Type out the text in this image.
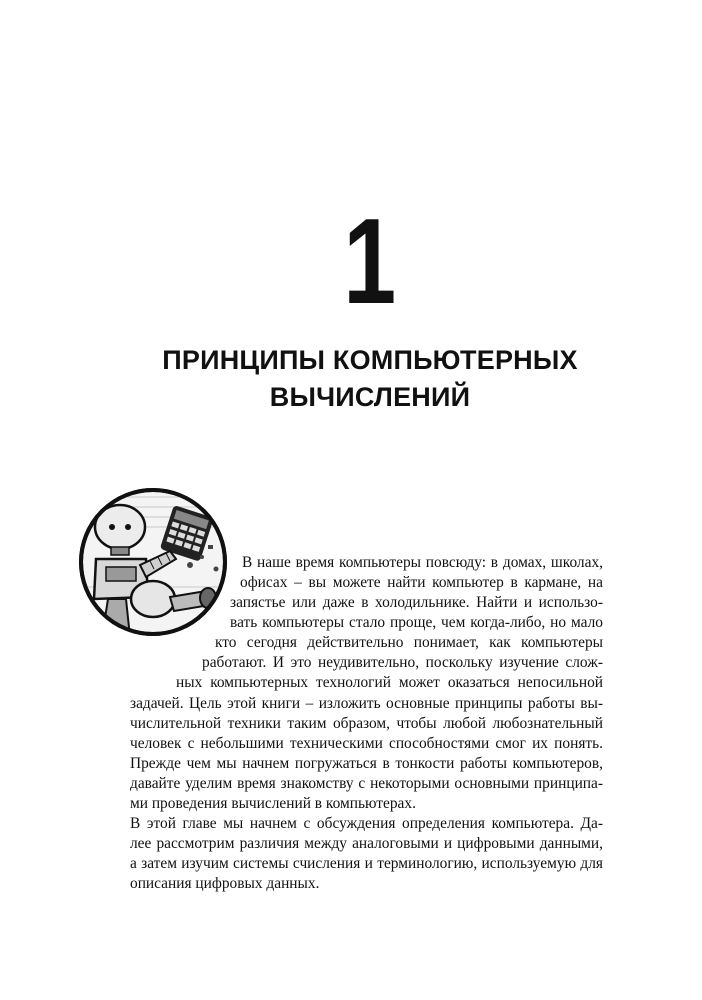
1
ПРИНЦИПЫ КОМПЬЮТЕРНЫХ
ВЫЧИСЛЕНИЙ
В наше время компьютеры повсюду: в домах, школах,
офисах – вы можете найти компьютер в кармане, на
запястье или даже в холодильнике. Найти и использо-
вать компьютеры стало проще, чем когда-либо, но мало
кто сегодня действительно понимает, как компьютеры
работают. И это неудивительно, поскольку изучение слож-
ных компьютерных технологий может оказаться непосильной
задачей. Цель этой книги – изложить основные принципы работы вы-
числительной техники таким образом, чтобы любой любознательный
человек с небольшими техническими способностями смог их понять.
Прежде чем мы начнем погружаться в тонкости работы компьютеров,
давайте уделим время знакомству с некоторыми основными принципа-
ми проведения вычислений в компьютерах.
В этой главе мы начнем с обсуждения определения компьютера. Да-
лее рассмотрим различия между аналоговыми и цифровыми данными,
а затем изучим системы счисления и терминологию, используемую для
описания цифровых данных.
